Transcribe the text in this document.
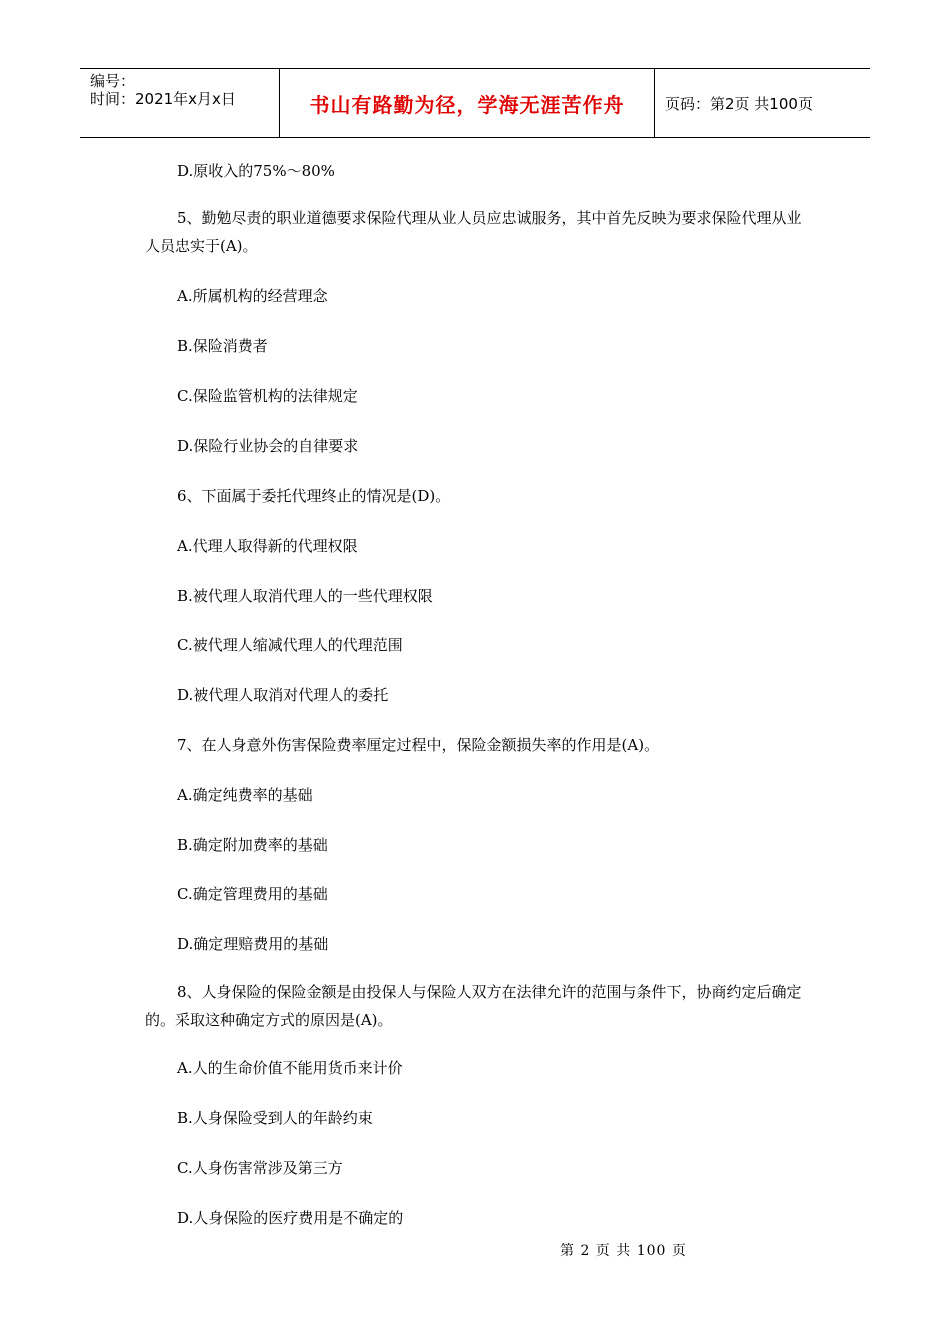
编号：
时间：2021年x月x日	书山有路勤为径，学海无涯苦作舟	页码：第2页 共100页
D.原收入的75%～80%
5、勤勉尽责的职业道德要求保险代理从业人员应忠诚服务，其中首先反映为要求保险代理从业人员忠实于(A)。
A.所属机构的经营理念
B.保险消费者
C.保险监管机构的法律规定
D.保险行业协会的自律要求
6、下面属于委托代理终止的情况是(D)。
A.代理人取得新的代理权限
B.被代理人取消代理人的一些代理权限
C.被代理人缩减代理人的代理范围
D.被代理人取消对代理人的委托
7、在人身意外伤害保险费率厘定过程中，保险金额损失率的作用是(A)。
A.确定纯费率的基础
B.确定附加费率的基础
C.确定管理费用的基础
D.确定理赔费用的基础
8、人身保险的保险金额是由投保人与保险人双方在法律允许的范围与条件下，协商约定后确定的。采取这种确定方式的原因是(A)。
A.人的生命价值不能用货币来计价
B.人身保险受到人的年龄约束
C.人身伤害常涉及第三方
D.人身保险的医疗费用是不确定的
第 2 页 共 100 页
